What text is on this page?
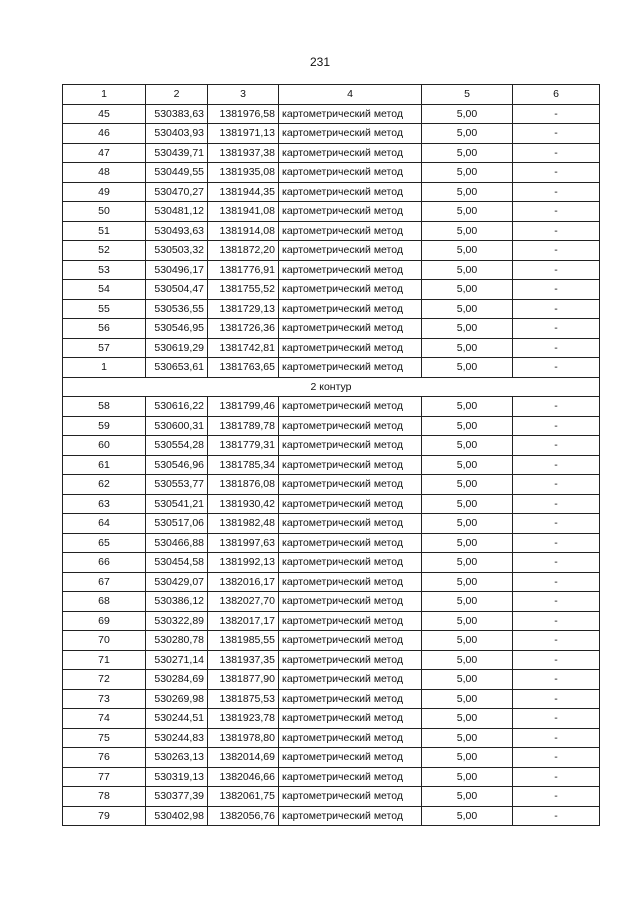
231
1	2	3	4	5	6
45	530383,63	1381976,58	картометрический метод	5,00	-
46	530403,93	1381971,13	картометрический метод	5,00	-
47	530439,71	1381937,38	картометрический метод	5,00	-
48	530449,55	1381935,08	картометрический метод	5,00	-
49	530470,27	1381944,35	картометрический метод	5,00	-
50	530481,12	1381941,08	картометрический метод	5,00	-
51	530493,63	1381914,08	картометрический метод	5,00	-
52	530503,32	1381872,20	картометрический метод	5,00	-
53	530496,17	1381776,91	картометрический метод	5,00	-
54	530504,47	1381755,52	картометрический метод	5,00	-
55	530536,55	1381729,13	картометрический метод	5,00	-
56	530546,95	1381726,36	картометрический метод	5,00	-
57	530619,29	1381742,81	картометрический метод	5,00	-
1	530653,61	1381763,65	картометрический метод	5,00	-
2 контур					
58	530616,22	1381799,46	картометрический метод	5,00	-
59	530600,31	1381789,78	картометрический метод	5,00	-
60	530554,28	1381779,31	картометрический метод	5,00	-
61	530546,96	1381785,34	картометрический метод	5,00	-
62	530553,77	1381876,08	картометрический метод	5,00	-
63	530541,21	1381930,42	картометрический метод	5,00	-
64	530517,06	1381982,48	картометрический метод	5,00	-
65	530466,88	1381997,63	картометрический метод	5,00	-
66	530454,58	1381992,13	картометрический метод	5,00	-
67	530429,07	1382016,17	картометрический метод	5,00	-
68	530386,12	1382027,70	картометрический метод	5,00	-
69	530322,89	1382017,17	картометрический метод	5,00	-
70	530280,78	1381985,55	картометрический метод	5,00	-
71	530271,14	1381937,35	картометрический метод	5,00	-
72	530284,69	1381877,90	картометрический метод	5,00	-
73	530269,98	1381875,53	картометрический метод	5,00	-
74	530244,51	1381923,78	картометрический метод	5,00	-
75	530244,83	1381978,80	картометрический метод	5,00	-
76	530263,13	1382014,69	картометрический метод	5,00	-
77	530319,13	1382046,66	картометрический метод	5,00	-
78	530377,39	1382061,75	картометрический метод	5,00	-
79	530402,98	1382056,76	картометрический метод	5,00	-
